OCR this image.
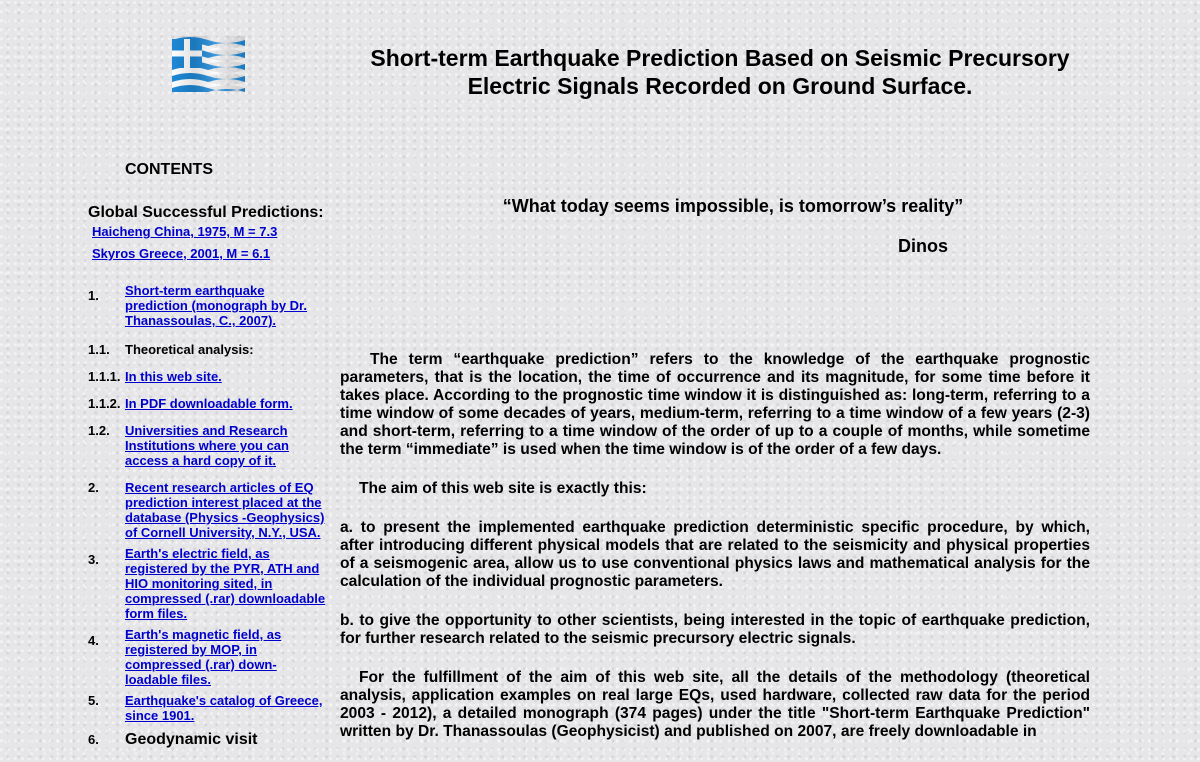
Short-term Earthquake Prediction Based on Seismic Precursory
Electric Signals Recorded on Ground Surface.
CONTENTS
Global Successful Predictions:
Haicheng China, 1975, M = 7.3
Skyros Greece, 2001, M = 6.1
1. Short-term earthquake prediction (monograph by Dr. Thanassoulas, C., 2007).
1.1. Theoretical analysis:
1.1.1. In this web site.
1.1.2. In PDF downloadable form.
1.2. Universities and Research Institutions where you can access a hard copy of it.
2. Recent research articles of EQ prediction interest placed at the database (Physics -Geophysics) of Cornell University, N.Y., USA.
3. Earth's electric field, as registered by the PYR, ATH and HIO monitoring sited, in compressed (.rar) downloadable form files.
4. Earth's magnetic field, as registered by MOP, in compressed (.rar) down-loadable files.
5. Earthquake's catalog of Greece, since 1901.
6. Geodynamic visit
“What today seems impossible, is tomorrow’s reality”
Dinos

The term “earthquake prediction” refers to the knowledge of the earthquake prognostic parameters, that is the location, the time of occurrence and its magnitude, for some time before it takes place. According to the prognostic time window it is distinguished as: long-term, referring to a time window of some decades of years, medium-term, referring to a time window of a few years (2-3) and short-term, referring to a time window of the order of up to a couple of months, while sometime the term “immediate” is used when the time window is of the order of a few days.

The aim of this web site is exactly this:

a. to present the implemented earthquake prediction deterministic specific procedure, by which, after introducing different physical models that are related to the seismicity and physical properties of a seismogenic area, allow us to use conventional physics laws and mathematical analysis for the calculation of the individual prognostic parameters.

b. to give the opportunity to other scientists, being interested in the topic of earthquake prediction, for further research related to the seismic precursory electric signals.

For the fulfillment of the aim of this web site, all the details of the methodology (theoretical analysis, application examples on real large EQs, used hardware, collected raw data for the period 2003 - 2012), a detailed monograph (374 pages) under the title "Short-term Earthquake Prediction" written by Dr. Thanassoulas (Geophysicist) and published on 2007, are freely downloadable in
